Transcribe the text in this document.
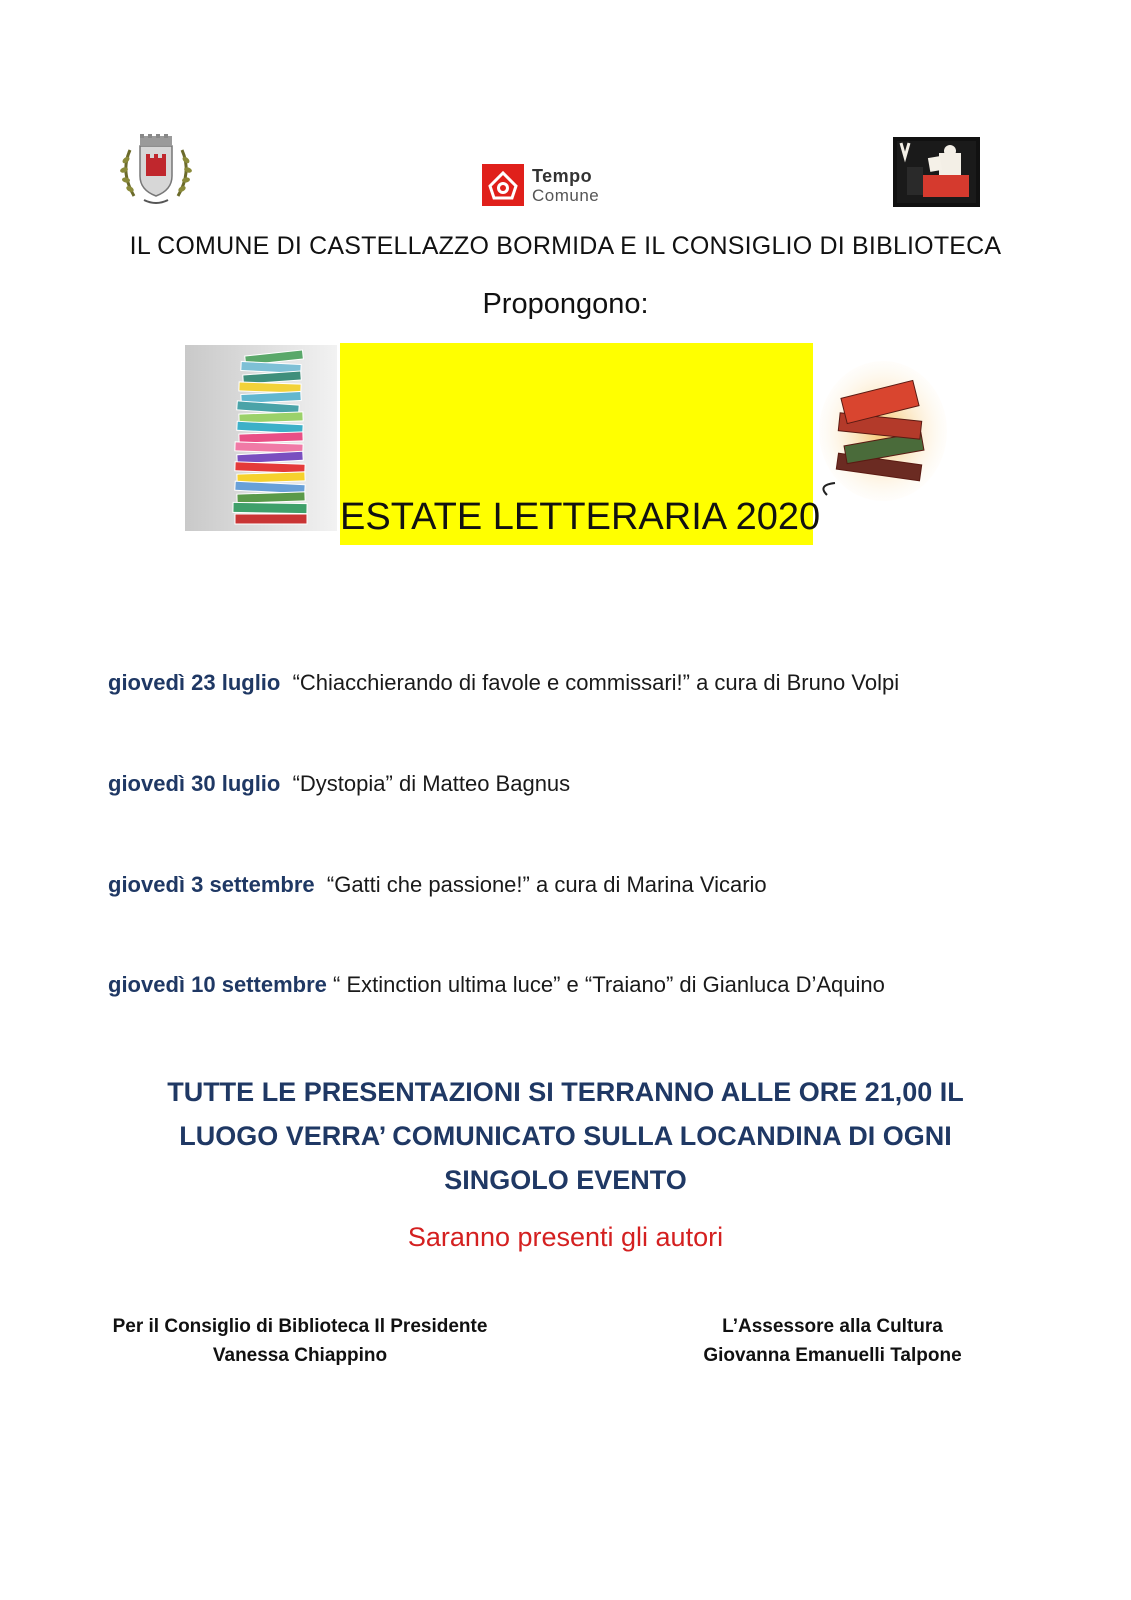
Tempo
Comune
IL COMUNE DI CASTELLAZZO BORMIDA E IL CONSIGLIO DI BIBLIOTECA
Propongono:
ESTATE LETTERARIA 2020
giovedì 23 luglio “Chiacchierando di favole e commissari!” a cura di Bruno Volpi
giovedì 30 luglio “Dystopia” di Matteo Bagnus
giovedì 3 settembre “Gatti che passione!” a cura di Marina Vicario
giovedì 10 settembre “ Extinction ultima luce” e “Traiano” di Gianluca D’Aquino
TUTTE LE PRESENTAZIONI SI TERRANNO ALLE ORE 21,00 IL
LUOGO VERRA’ COMUNICATO SULLA LOCANDINA DI OGNI
SINGOLO EVENTO
Saranno presenti gli autori
Per il Consiglio di Biblioteca Il Presidente
Vanessa Chiappino
L’Assessore alla Cultura
Giovanna Emanuelli Talpone
